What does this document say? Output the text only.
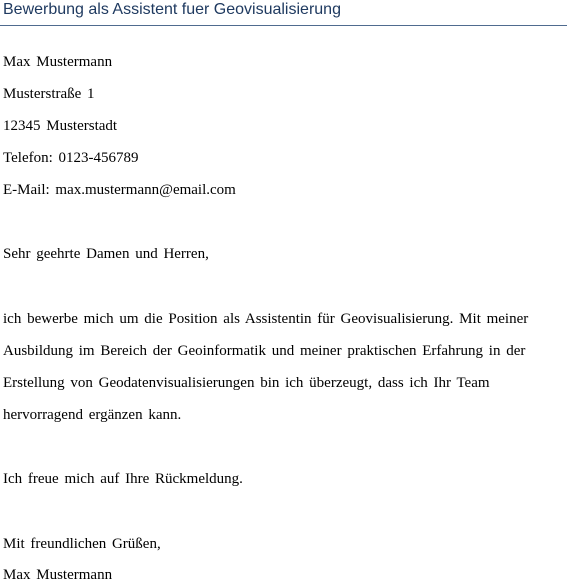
Bewerbung als Assistent fuer Geovisualisierung
Max Mustermann
Musterstraße 1
12345 Musterstadt
Telefon: 0123-456789
E-Mail: max.mustermann@email.com
Sehr geehrte Damen und Herren,
ich bewerbe mich um die Position als Assistentin für Geovisualisierung. Mit meiner
Ausbildung im Bereich der Geoinformatik und meiner praktischen Erfahrung in der
Erstellung von Geodatenvisualisierungen bin ich überzeugt, dass ich Ihr Team
hervorragend ergänzen kann.
Ich freue mich auf Ihre Rückmeldung.
Mit freundlichen Grüßen,
Max Mustermann
